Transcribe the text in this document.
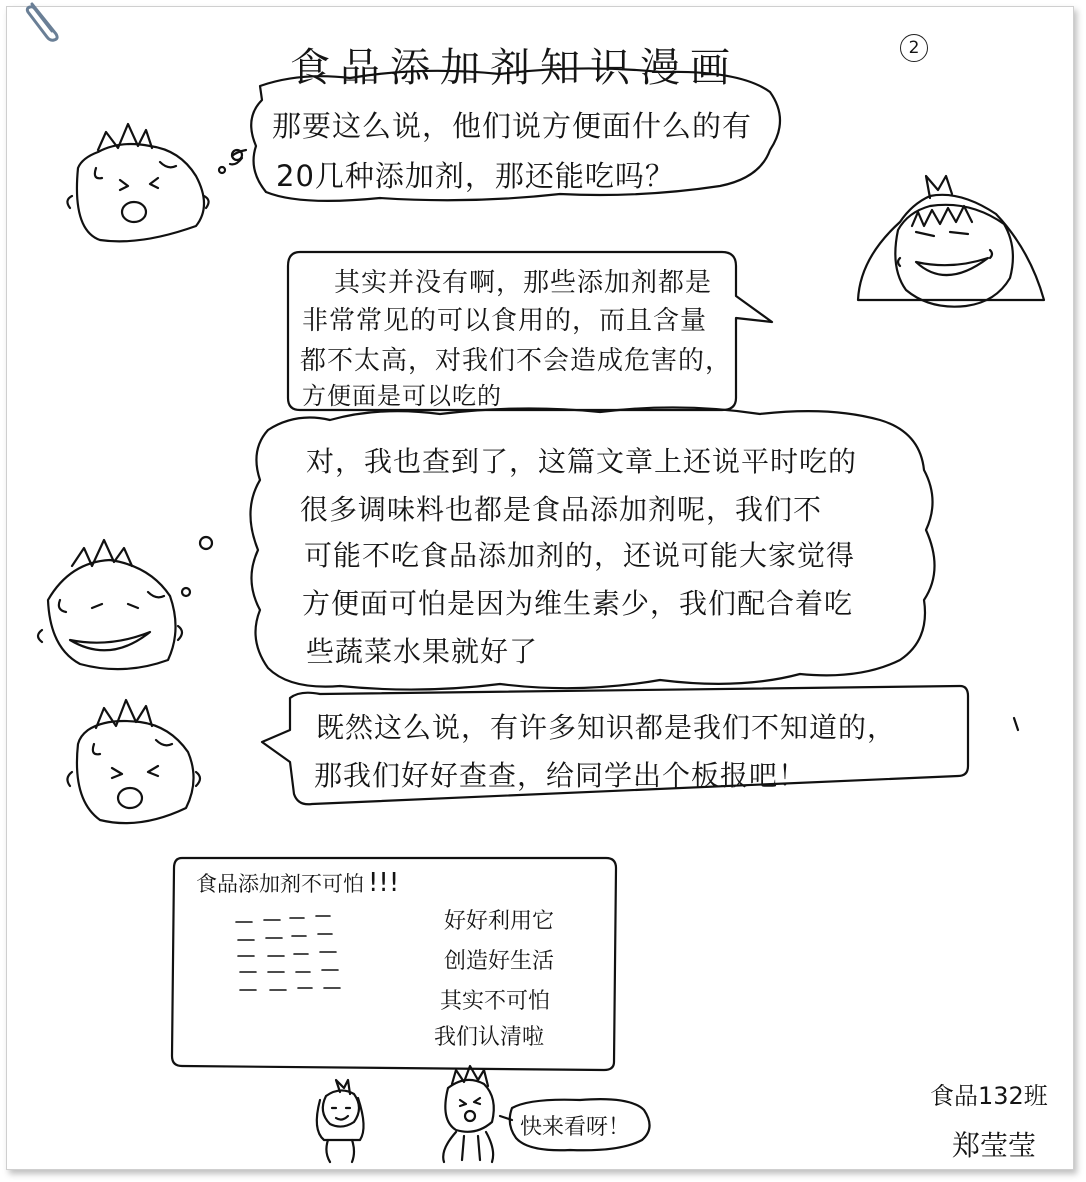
食品添加剂知识漫画	2
那要这么说，他们说方便面什么的有
20几种添加剂，那还能吃吗？
其实并没有啊，那些添加剂都是
非常常见的可以食用的，而且含量
都不太高，对我们不会造成危害的，
方便面是可以吃的
对，我也查到了，这篇文章上还说平时吃的
很多调味料也都是食品添加剂呢，我们不
可能不吃食品添加剂的，还说可能大家觉得
方便面可怕是因为维生素少，我们配合着吃
些蔬菜水果就好了
既然这么说，有许多知识都是我们不知道的，
那我们好好查查，给同学出个板报吧！
食品添加剂不可怕 !!!
好好利用它
创造好生活
其实不可怕
我们认清啦
快来看呀！
食品132班
郑莹莹
